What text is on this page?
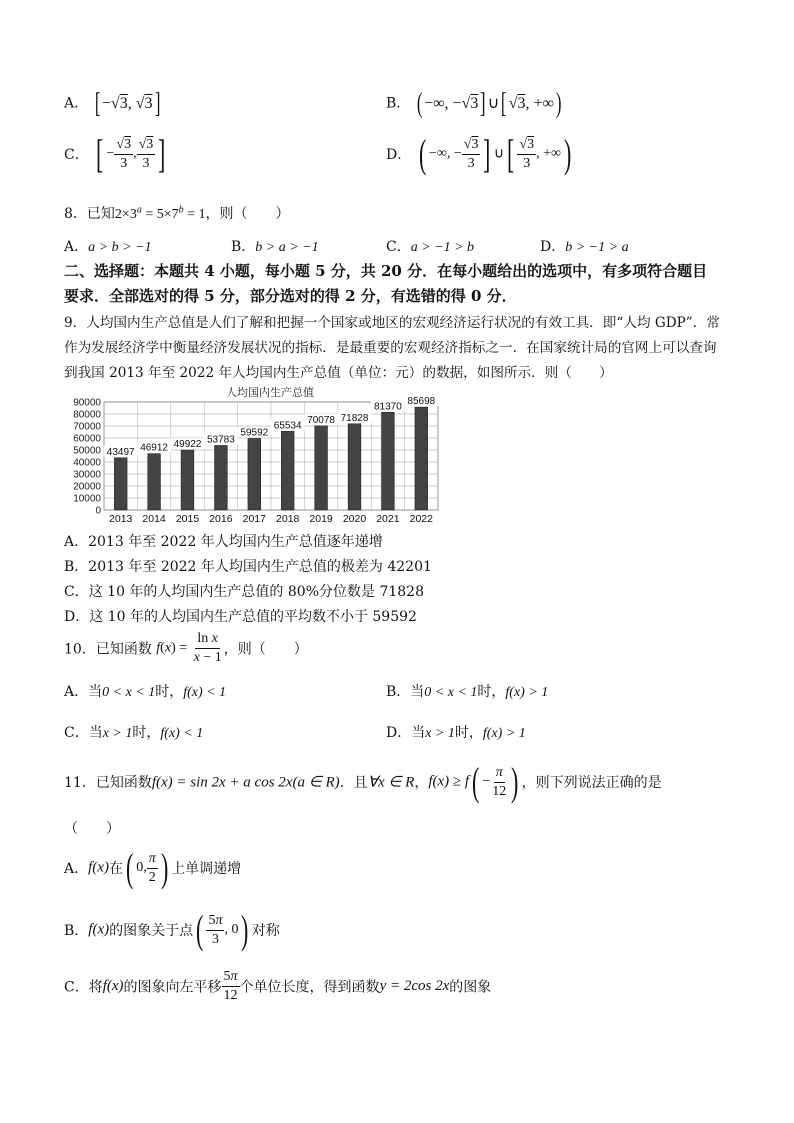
A． [ −√3, √3]	B． ( −∞, −√3] ∪[ √3, +∞)
C． [ − $\frac{√3}{3}$ , $\frac{√3}{3}$ ]	D． ( −∞, − $\frac{√3}{3}$ ] ∪[ $\frac{√3}{3}$ , +∞)
8．已知$2\times 3^a = 5\times 7^b = 1$，则（　　）
A．a > b > −1	B．b > a > −1	C．a > −1 > b	D．b > −1 > a
二、选择题：本题共 4 小题，每小题 5 分，共 20 分．在每小题给出的选项中，有多项符合题目
要求．全部选对的得 5 分，部分选对的得 2 分，有选错的得 0 分．
9．人均国内生产总值是人们了解和把握一个国家或地区的宏观经济运行状况的有效工具．即“人均 GDP”．常
作为发展经济学中衡量经济发展状况的指标．是最重要的宏观经济指标之一．在国家统计局的官网上可以查询
到我国 2013 年至 2022 年人均国内生产总值（单位：元）的数据，如图所示．则（　　）
人均国内生产总值
0
10000
20000
30000
40000
50000
60000
70000
80000
90000
43497 46912 49922 53783
59592
65534 70078 71828
81370 85698
2013 2014 2015 2016 2017 2018 2019 2020 2021 2022
A．2013 年至 2022 年人均国内生产总值逐年递增
B．2013 年至 2022 年人均国内生产总值的极差为 42201
C．这 10 年的人均国内生产总值的 80%分位数是 71828
D．这 10 年的人均国内生产总值的平均数不小于 59592
10．已知函数 $f(x) = \frac{\text{ln x}}{x - 1}$ ，则（　　）
A．当0 < x < 1时，f(x) < 1	B．当0 < x < 1时，f(x) > 1
C．当x > 1时，f(x) < 1	D．当x > 1时，f(x) > 1
11．已知函数f(x) = sin 2x + a cos 2x(a ∈ R)．且∀x ∈ R，$f(x) \ge f( - \frac{\pi}{12}$ ) ，则下列说法正确的是
（　　）
A．f(x)在( 0, $\frac{\pi}{2}$ ) 上单调递增
B．f(x)的图象关于点( $\frac{5\pi}{3}$ , 0) 对称
C．将f(x)的图象向左平移 $\frac{5\pi}{12}$ 个单位长度，得到函数y = 2cos 2x的图象
